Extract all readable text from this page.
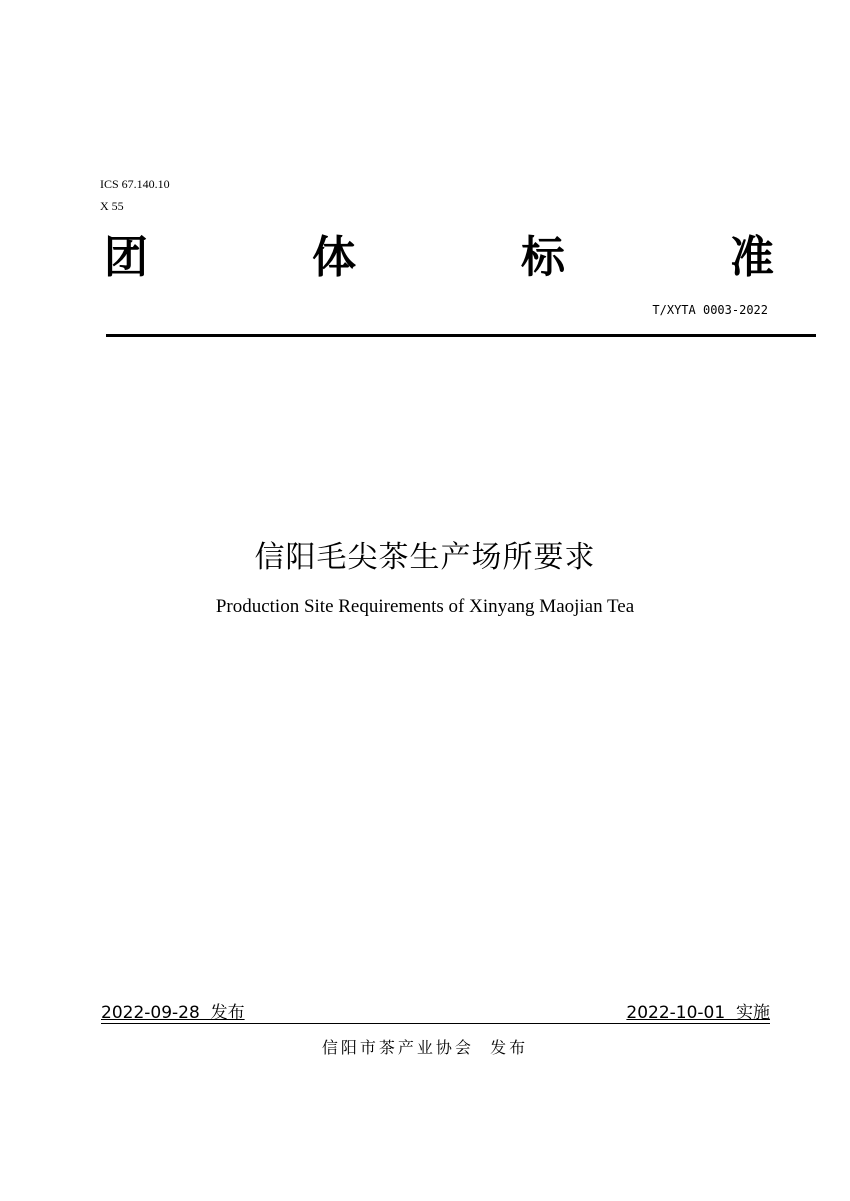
ICS 67.140.10
X 55
团	体	标	准
T/XYTA 0003-2022
信阳毛尖茶生产场所要求
Production Site Requirements of Xinyang Maojian Tea
2022-09-28  发布	2022-10-01  实施
信阳市茶产业协会  发布
